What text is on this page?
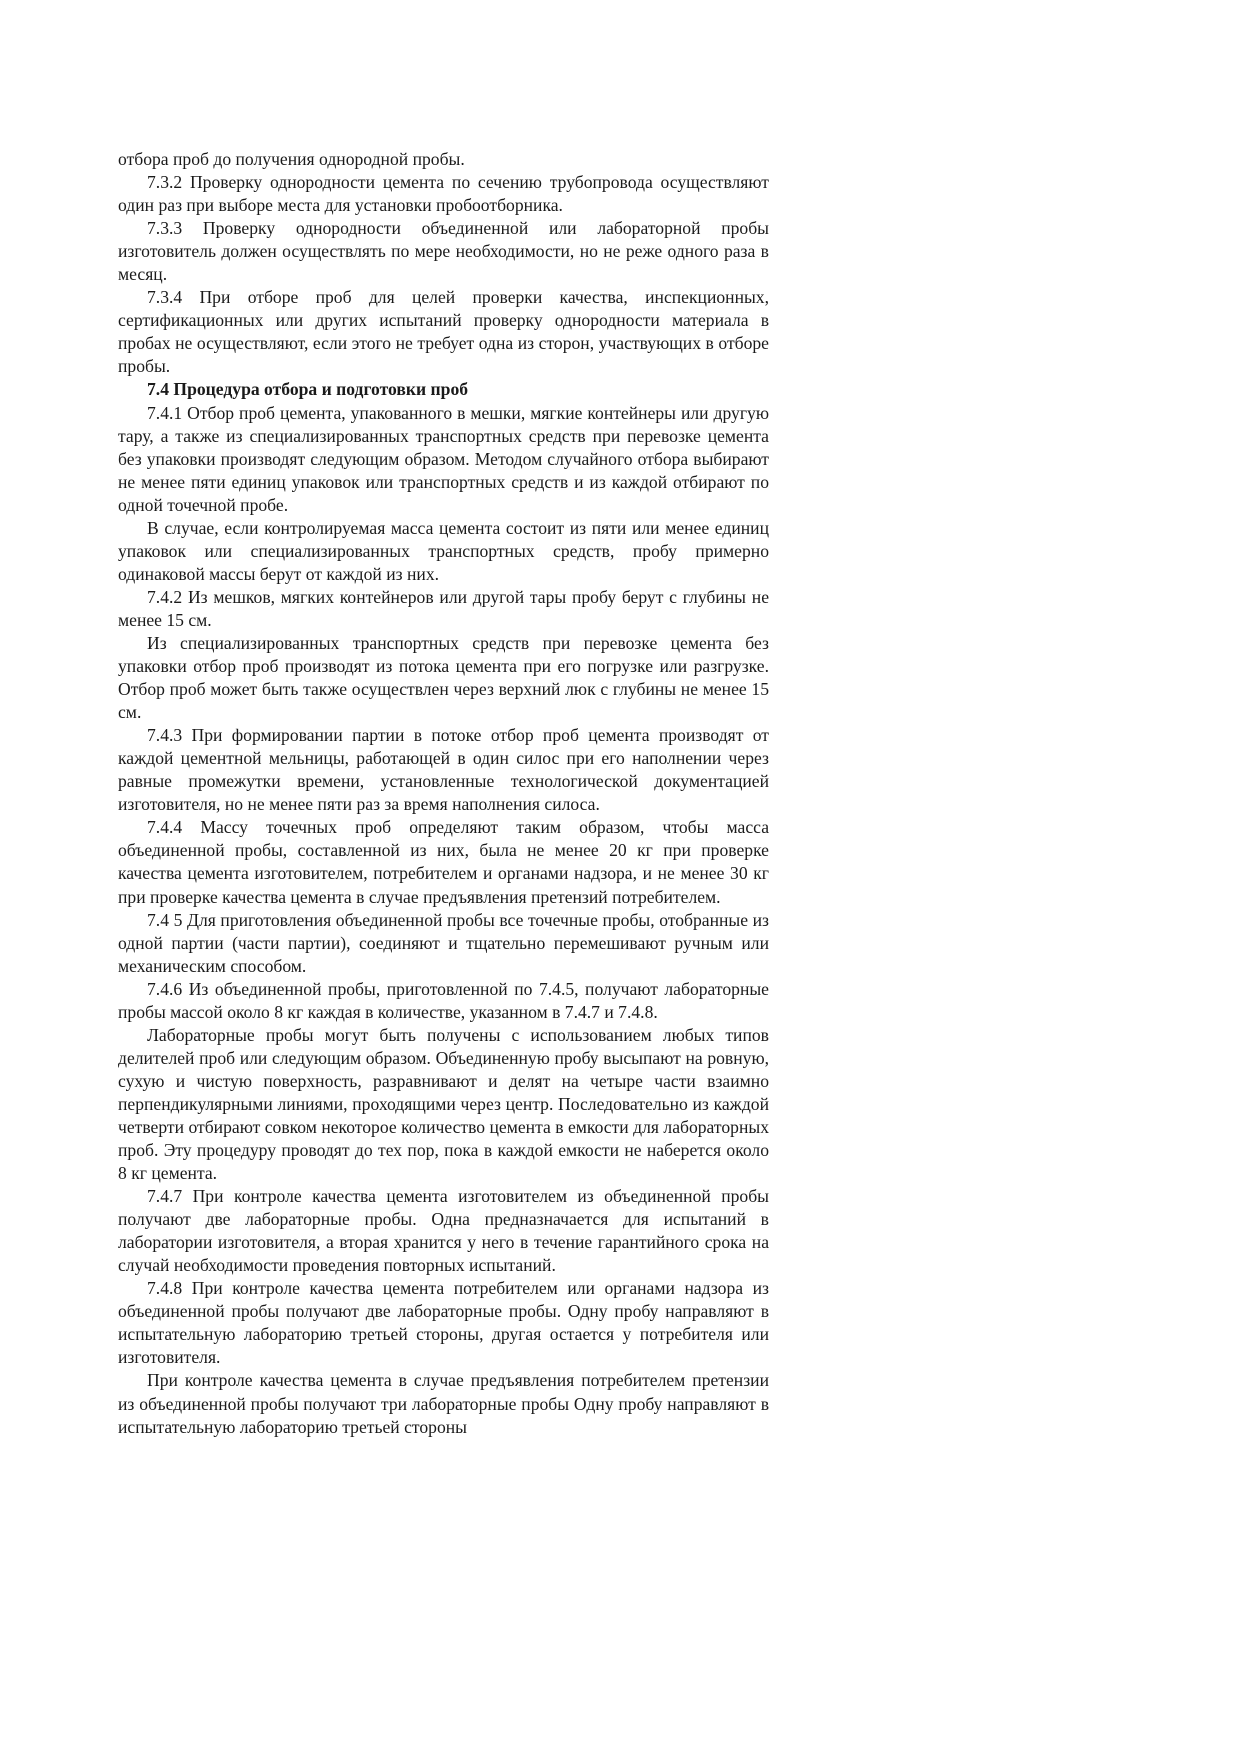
отбора проб до получения однородной пробы.

7.3.2 Проверку однородности цемента по сечению трубопровода осуществляют один раз при выборе места для установки пробоотборника.

7.3.3 Проверку однородности объединенной или лабораторной пробы изготовитель должен осуществлять по мере необходимости, но не реже одного раза в месяц.

7.3.4 При отборе проб для целей проверки качества, инспекционных, сертификационных или других испытаний проверку однородности материала в пробах не осуществляют, если этого не требует одна из сторон, участвующих в отборе пробы.

7.4 Процедура отбора и подготовки проб

7.4.1 Отбор проб цемента, упакованного в мешки, мягкие контейнеры или другую тару, а также из специализированных транспортных средств при перевозке цемента без упаковки производят следующим образом. Методом случайного отбора выбирают не менее пяти единиц упаковок или транспортных средств и из каждой отбирают по одной точечной пробе.

В случае, если контролируемая масса цемента состоит из пяти или менее единиц упаковок или специализированных транспортных средств, пробу примерно одинаковой массы берут от каждой из них.

7.4.2 Из мешков, мягких контейнеров или другой тары пробу берут с глубины не менее 15 см.

Из специализированных транспортных средств при перевозке цемента без упаковки отбор проб производят из потока цемента при его погрузке или разгрузке. Отбор проб может быть также осуществлен через верхний люк с глубины не менее 15 см.

7.4.3 При формировании партии в потоке отбор проб цемента производят от каждой цементной мельницы, работающей в один силос при его наполнении через равные промежутки времени, установленные технологической документацией изготовителя, но не менее пяти раз за время наполнения силоса.

7.4.4 Массу точечных проб определяют таким образом, чтобы масса объединенной пробы, составленной из них, была не менее 20 кг при проверке качества цемента изготовителем, потребителем и органами надзора, и не менее 30 кг при проверке качества цемента в случае предъявления претензий потребителем.

7.4 5 Для приготовления объединенной пробы все точечные пробы, отобранные из одной партии (части партии), соединяют и тщательно перемешивают ручным или механическим способом.

7.4.6 Из объединенной пробы, приготовленной по 7.4.5, получают лабораторные пробы массой около 8 кг каждая в количестве, указанном в 7.4.7 и 7.4.8.

Лабораторные пробы могут быть получены с использованием любых типов делителей проб или следующим образом. Объединенную пробу высыпают на ровную, сухую и чистую поверхность, разравнивают и делят на четыре части взаимно перпендикулярными линиями, проходящими через центр. Последовательно из каждой четверти отбирают совком некоторое количество цемента в емкости для лабораторных проб. Эту процедуру проводят до тех пор, пока в каждой емкости не наберется около 8 кг цемента.

7.4.7 При контроле качества цемента изготовителем из объединенной пробы получают две лабораторные пробы. Одна предназначается для испытаний в лаборатории изготовителя, а вторая хранится у него в течение гарантийного срока на случай необходимости проведения повторных испытаний.

7.4.8 При контроле качества цемента потребителем или органами надзора из объединенной пробы получают две лабораторные пробы. Одну пробу направляют в испытательную лабораторию третьей стороны, другая остается у потребителя или изготовителя.

При контроле качества цемента в случае предъявления потребителем претензии из объединенной пробы получают три лабораторные пробы Одну пробу направляют в испытательную лабораторию третьей стороны
